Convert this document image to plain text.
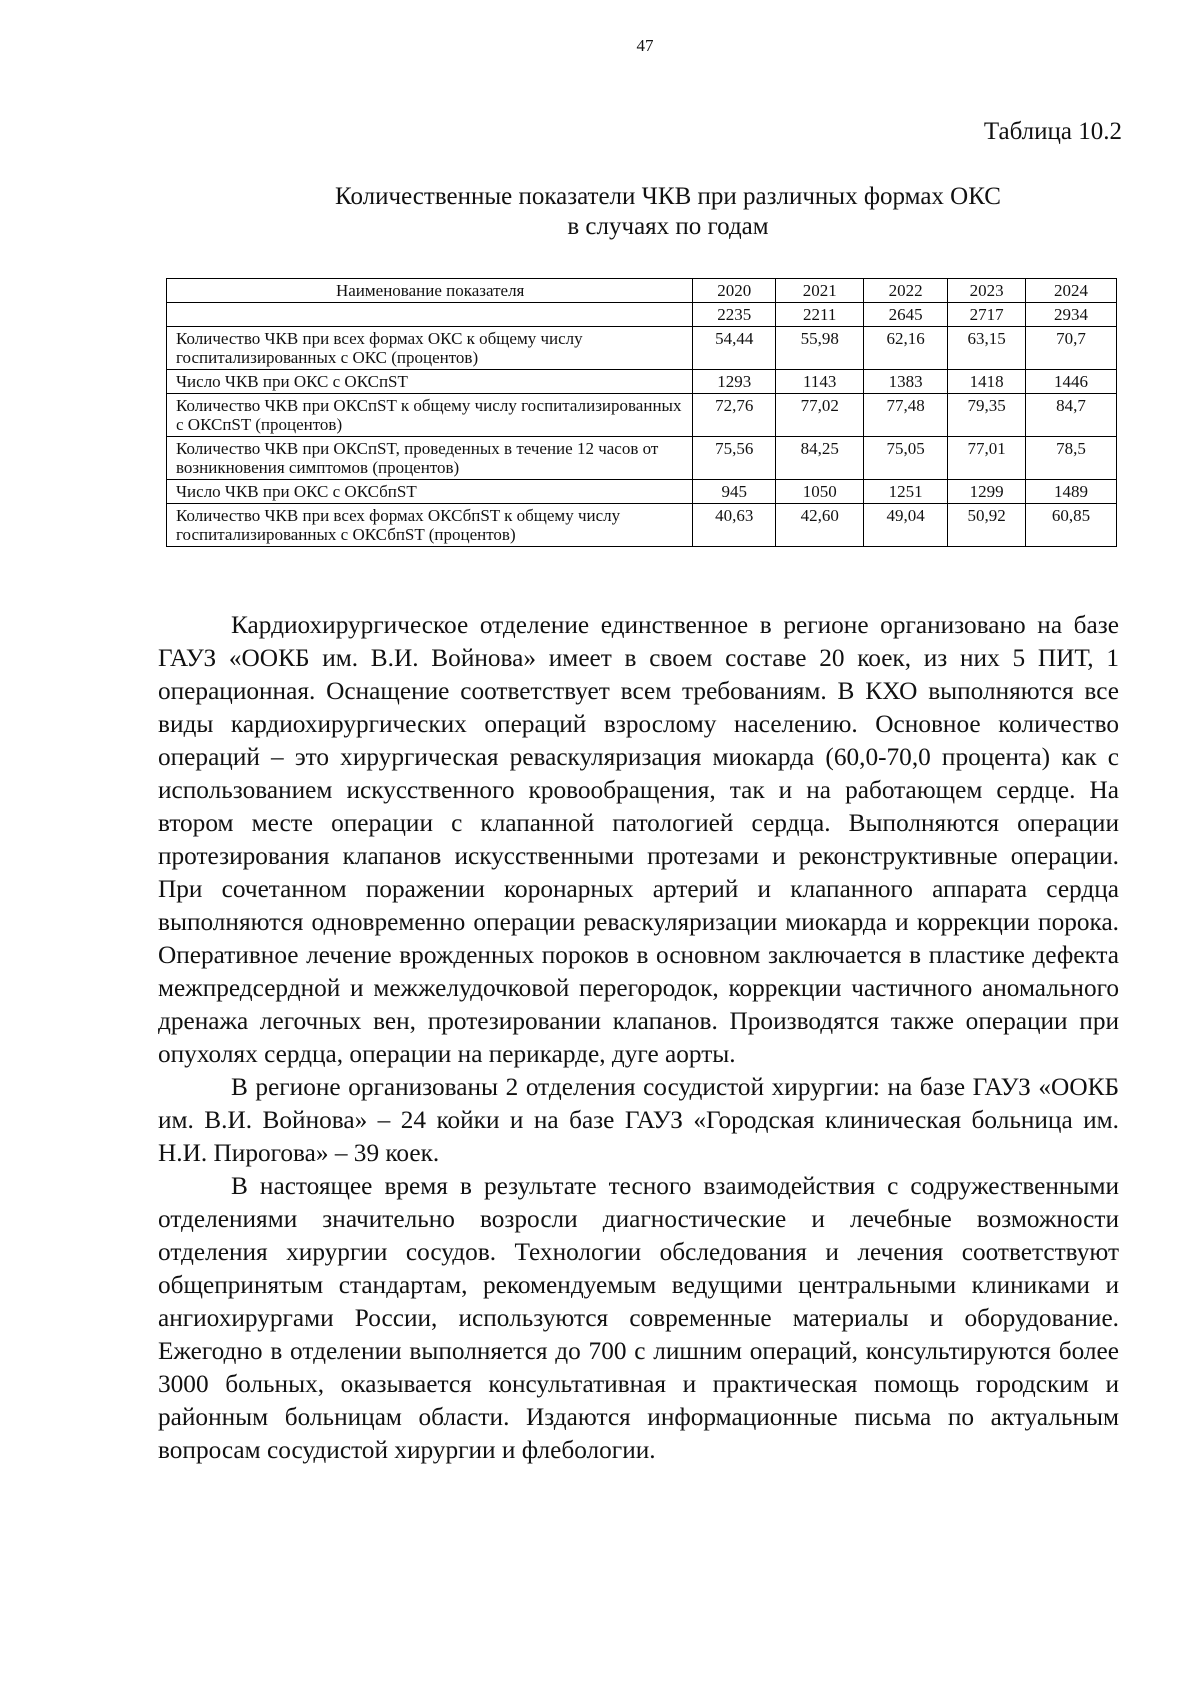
47
Таблица 10.2
Количественные показатели ЧКВ при различных формах ОКС
в случаях по годам
Наименование показателя	2020	2021	2022	2023	2024
	2235	2211	2645	2717	2934
Количество ЧКВ при всех формах ОКС к общему числу госпитализированных с ОКС (процентов)	54,44	55,98	62,16	63,15	70,7
Число ЧКВ при ОКС с ОКСпST	1293	1143	1383	1418	1446
Количество ЧКВ при ОКСпST к общему числу госпитализированных с ОКСпST (процентов)	72,76	77,02	77,48	79,35	84,7
Количество ЧКВ при ОКСпST, проведенных в течение 12 часов от возникновения симптомов (процентов)	75,56	84,25	75,05	77,01	78,5
Число ЧКВ при ОКС с ОКСбпST	945	1050	1251	1299	1489
Количество ЧКВ при всех формах ОКСбпST к общему числу госпитализированных с ОКСбпST (процентов)	40,63	42,60	49,04	50,92	60,85

Кардиохирургическое отделение единственное в регионе организовано на базе ГАУЗ «ООКБ им. В.И. Войнова» имеет в своем составе 20 коек, из них 5 ПИТ, 1 операционная. Оснащение соответствует всем требованиям. В КХО выполняются все виды кардиохирургических операций взрослому населению. Основное количество операций – это хирургическая реваскуляризация миокарда (60,0-70,0 процента) как с использованием искусственного кровообращения, так и на работающем сердце. На втором месте операции с клапанной патологией сердца. Выполняются операции протезирования клапанов искусственными протезами и реконструктивные операции. При сочетанном поражении коронарных артерий и клапанного аппарата сердца выполняются одновременно операции реваскуляризации миокарда и коррекции порока. Оперативное лечение врожденных пороков в основном заключается в пластике дефекта межпредсердной и межжелудочковой перегородок, коррекции частичного аномального дренажа легочных вен, протезировании клапанов. Производятся также операции при опухолях сердца, операции на перикарде, дуге аорты.

В регионе организованы 2 отделения сосудистой хирургии: на базе ГАУЗ «ООКБ им. В.И. Войнова» – 24 койки и на базе ГАУЗ «Городская клиническая больница им. Н.И. Пирогова» – 39 коек.

В настоящее время в результате тесного взаимодействия с содружественными отделениями значительно возросли диагностические и лечебные возможности отделения хирургии сосудов. Технологии обследования и лечения соответствуют общепринятым стандартам, рекомендуемым ведущими центральными клиниками и ангиохирургами России, используются современные материалы и оборудование. Ежегодно в отделении выполняется до 700 с лишним операций, консультируются более 3000 больных, оказывается консультативная и практическая помощь городским и районным больницам области. Издаются информационные письма по актуальным вопросам сосудистой хирургии и флебологии.
